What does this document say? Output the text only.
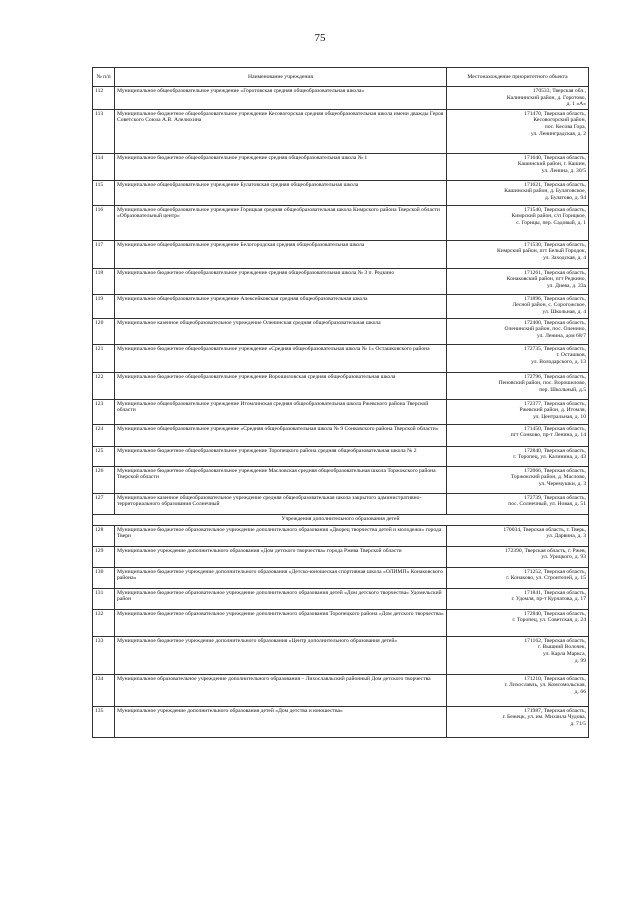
75
№ п/п	Наименование учреждения	Местонахождение приоритетного объекта
112	Муниципальное общеобразовательное учреждение «Горотовская средняя общеобразовательная школа»	170533, Тверская обл.,
Калининский район, д. Горотово,
д. 1 «А»

113	Муниципальное бюджетное общеобразовательное учреждение Кесовогорская средняя общеобразовательная школа имени дважды Героя Советского Союза А.В. Алелюхина	171470, Тверская область,
Кесовогорский район,
пос. Кесова Гора,
ул. Ленинградская, д. 2

114	Муниципальное бюджетное общеобразовательное учреждение средняя общеобразовательная школа № 1	171640, Тверская область,
Кашинский район, г. Кашин,
ул. Ленина, д. 30/5

115	Муниципальное общеобразовательное учреждение Булатовская средняя общеобразовательная школа	171621, Тверская область,
Кашинский район, д. Булатовское,
д. Булатово, д. 94

116	Муниципальное общеобразовательное учреждение Горицкая средняя общеобразовательная школа Кимрского района Тверской области «Образовательный центр»	171540, Тверская область,
Кимрский район, с/п Горицкое,
с. Горицы, пер. Садовый, д. 1

117	Муниципальное общеобразовательное учреждение Белогородская средняя общеобразовательная школа	171530, Тверская область,
Кимрский район, пгт Белый Городок,
ул. Заходская, д. 4

118	Муниципальное бюджетное общеобразовательное учреждение средняя общеобразовательная школа № 3 п. Редкино	171261, Тверская область,
Конаковский район, пгт Редкино,
ул. Диева, д. 33а

119	Муниципальное общеобразовательное учреждение Алексейковская средняя общеобразовательная школа	171896, Тверская область,
Лесной район, с. Сорогожское,
ул. Школьная, д. 4

120	Муниципальное казенное общеобразовательное учреждение Оленинская средняя общеобразовательная школа	172400, Тверская область,
Оленинский район, пос. Оленино,
ул. Ленина, дом 68/7

121	Муниципальное бюджетное общеобразовательное учреждение «Средняя общеобразовательная школа № 1» Осташковского района	172735, Тверская область,
г. Осташков,
ул. Володарского, д. 13

122	Муниципальное бюджетное общеобразовательное учреждение Ворошиловская средняя общеобразовательная школа	172796, Тверская область,
Пеновский район, пос. Ворошилово,
пер. Школьный, д.5

123	Муниципальное общеобразовательное учреждение Итомлинская средняя общеобразовательная школа Ржевского района Тверской области	172377, Тверская область,
Ржевский район, д. Итомля,
ул. Центральная, д. 10

124	Муниципальное общеобразовательное учреждение «Средняя общеобразовательная школа № 9 Сонковского района Тверской области»	171450, Тверская область,
пгт Сонково, пр-т Ленина, д. 14

125	Муниципальное бюджетное общеобразовательное учреждение Торопецкого района средняя общеобразовательная школа № 2	172840, Тверская область,
г. Торопец, ул. Калинина, д. 43

126	Муниципальное бюджетное общеобразовательное учреждение Масловская средняя общеобразовательная школа Торжокского района Тверской области	172066, Тверская область,
Торжокский район, д. Маслово,
ул. Черемушки, д. 3

127	Муниципальное казенное общеобразовательное учреждение средняя общеобразовательная школа закрытого административно-территориального образования Солнечный	172739, Тверская область,
пос. Солнечный, ул. Новая, д. 51

Учреждения дополнительного образования детей		
128	Муниципальное бюджетное образовательное учреждение дополнительного образования «Дворец творчества детей и молодежи» города Твери	170034, Тверская область, г. Тверь,
ул. Дарвина, д. 3

129	Муниципальное учреждение дополнительного образования «Дом детского творчества» города Ржева Тверской области	172390, Тверская область, г. Ржев,
ул. Урицкого, д. 93

130	Муниципальное бюджетное учреждение дополнительного образования «Детско-юношеская спортивная школа «ОЛИМП» Конаковского района»	171252, Тверская область,
г. Конаково, ул. Строителей, д. 15

131	Муниципальное бюджетное образовательное учреждение дополнительного образования детей «Дом детского творчества» Удомельский район	171841, Тверская область,
г. Удомля, пр-т Курчатова, д. 17

132	Муниципальное бюджетное образовательное учреждение дополнительного образования Торопецкого района «Дом детского творчества»	172840, Тверская область,
г. Торопец, ул. Советская, д. 24

133	Муниципальное бюджетное учреждение дополнительного образования «Центр дополнительного образования детей»	171162, Тверская область,
г. Вышний Волочек,
ул. Карла Маркса,
д. 99

134	Муниципальное образовательное учреждение дополнительного образования – Лихославльский районный Дом детского творчества	171210, Тверская область,
г. Лихославль, ул. Комсомольская,
д. 66

135	Муниципальное учреждение дополнительного образования детей «Дом детства и юношества»	171987, Тверская область,
г. Бежецк, ул. им. Михаила Чудова,
д. 71/5
